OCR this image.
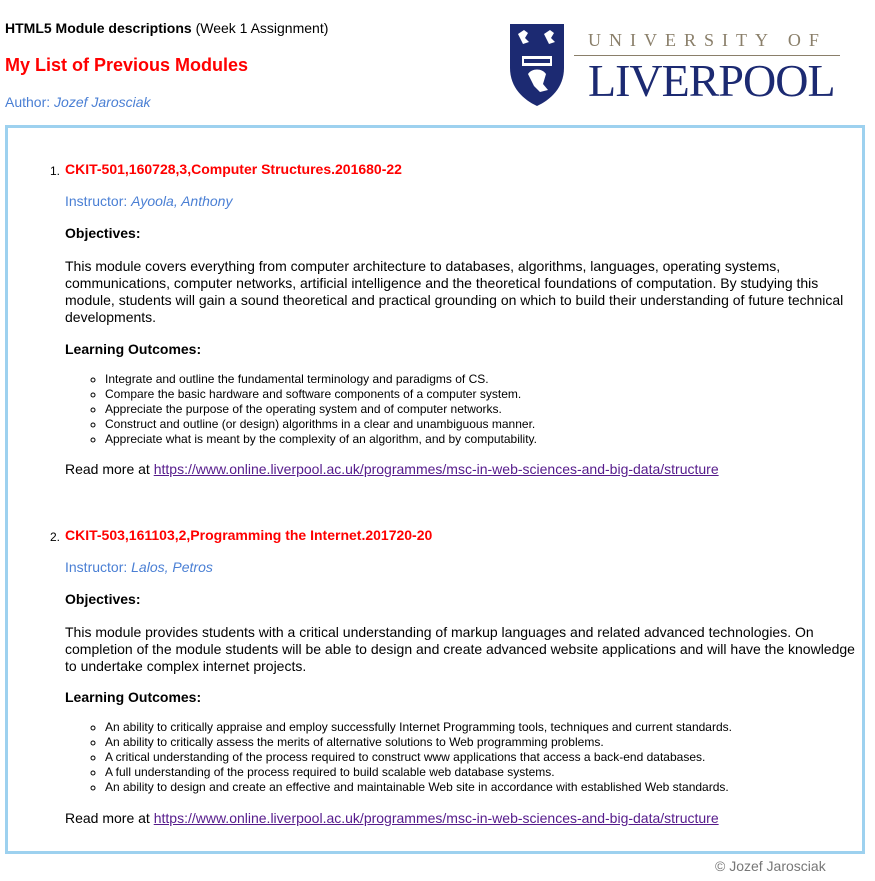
HTML5 Module descriptions (Week 1 Assignment)
My List of Previous Modules
Author: Jozef Jarosciak
UNIVERSITY OF
LIVERPOOL
1. CKIT-501,160728,3,Computer Structures.201680-22
Instructor: Ayoola, Anthony
Objectives:
This module covers everything from computer architecture to databases, algorithms, languages, operating systems, communications, computer networks, artificial intelligence and the theoretical foundations of computation. By studying this module, students will gain a sound theoretical and practical grounding on which to build their understanding of future technical developments.
Learning Outcomes:
◦ Integrate and outline the fundamental terminology and paradigms of CS.
◦ Compare the basic hardware and software components of a computer system.
◦ Appreciate the purpose of the operating system and of computer networks.
◦ Construct and outline (or design) algorithms in a clear and unambiguous manner.
◦ Appreciate what is meant by the complexity of an algorithm, and by computability.
Read more at https://www.online.liverpool.ac.uk/programmes/msc-in-web-sciences-and-big-data/structure
2. CKIT-503,161103,2,Programming the Internet.201720-20
Instructor: Lalos, Petros
Objectives:
This module provides students with a critical understanding of markup languages and related advanced technologies. On completion of the module students will be able to design and create advanced website applications and will have the knowledge to undertake complex internet projects.
Learning Outcomes:
◦ An ability to critically appraise and employ successfully Internet Programming tools, techniques and current standards.
◦ An ability to critically assess the merits of alternative solutions to Web programming problems.
◦ A critical understanding of the process required to construct www applications that access a back-end databases.
◦ A full understanding of the process required to build scalable web database systems.
◦ An ability to design and create an effective and maintainable Web site in accordance with established Web standards.
Read more at https://www.online.liverpool.ac.uk/programmes/msc-in-web-sciences-and-big-data/structure
© Jozef Jarosciak
